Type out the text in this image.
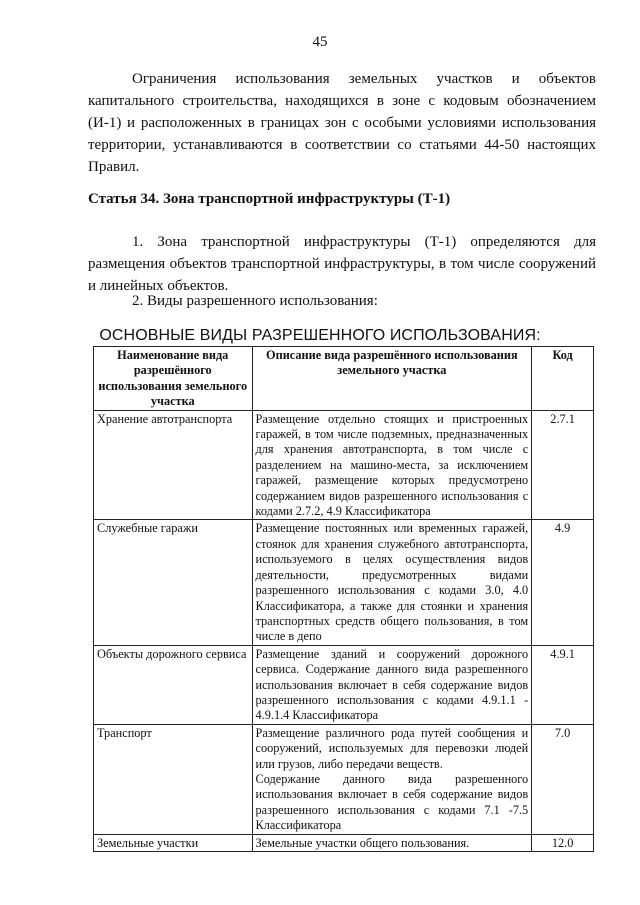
45

Ограничения использования земельных участков и объектов капитального строительства, находящихся в зоне с кодовым обозначением (И-1) и расположенных в границах зон с особыми условиями использования территории, устанавливаются в соответствии со статьями 44-50 настоящих Правил.

Статья 34. Зона транспортной инфраструктуры (Т-1)

1. Зона транспортной инфраструктуры (Т-1) определяются для размещения объектов транспортной инфраструктуры, в том числе сооружений и линейных объектов.

2. Виды разрешенного использования:

ОСНОВНЫЕ ВИДЫ РАЗРЕШЕННОГО ИСПОЛЬЗОВАНИЯ:
Наименование вида разрешённого использования земельного участка	Описание вида разрешённого использования земельного участка	Код
Хранение автотранспорта	Размещение отдельно стоящих и пристроенных гаражей, в том числе подземных, предназначенных для хранения автотранспорта, в том числе с разделением на машино-места, за исключением гаражей, размещение которых предусмотрено содержанием видов разрешенного использования с кодами 2.7.2, 4.9 Классификатора	2.7.1
Служебные гаражи	Размещение постоянных или временных гаражей, стоянок для хранения служебного автотранспорта, используемого в целях осуществления видов деятельности, предусмотренных видами разрешенного использования с кодами 3.0, 4.0 Классификатора, а также для стоянки и хранения транспортных средств общего пользования, в том числе в депо	4.9
Объекты дорожного сервиса	Размещение зданий и сооружений дорожного сервиса. Содержание данного вида разрешенного использования включает в себя содержание видов разрешенного использования с кодами 4.9.1.1 - 4.9.1.4 Классификатора	4.9.1
Транспорт	Размещение различного рода путей сообщения и сооружений, используемых для перевозки людей или грузов, либо передачи веществ.
Содержание данного вида разрешенного использования включает в себя содержание видов разрешенного использования с кодами 7.1 -7.5 Классификатора	7.0
Земельные участки	Земельные участки общего пользования.	12.0
